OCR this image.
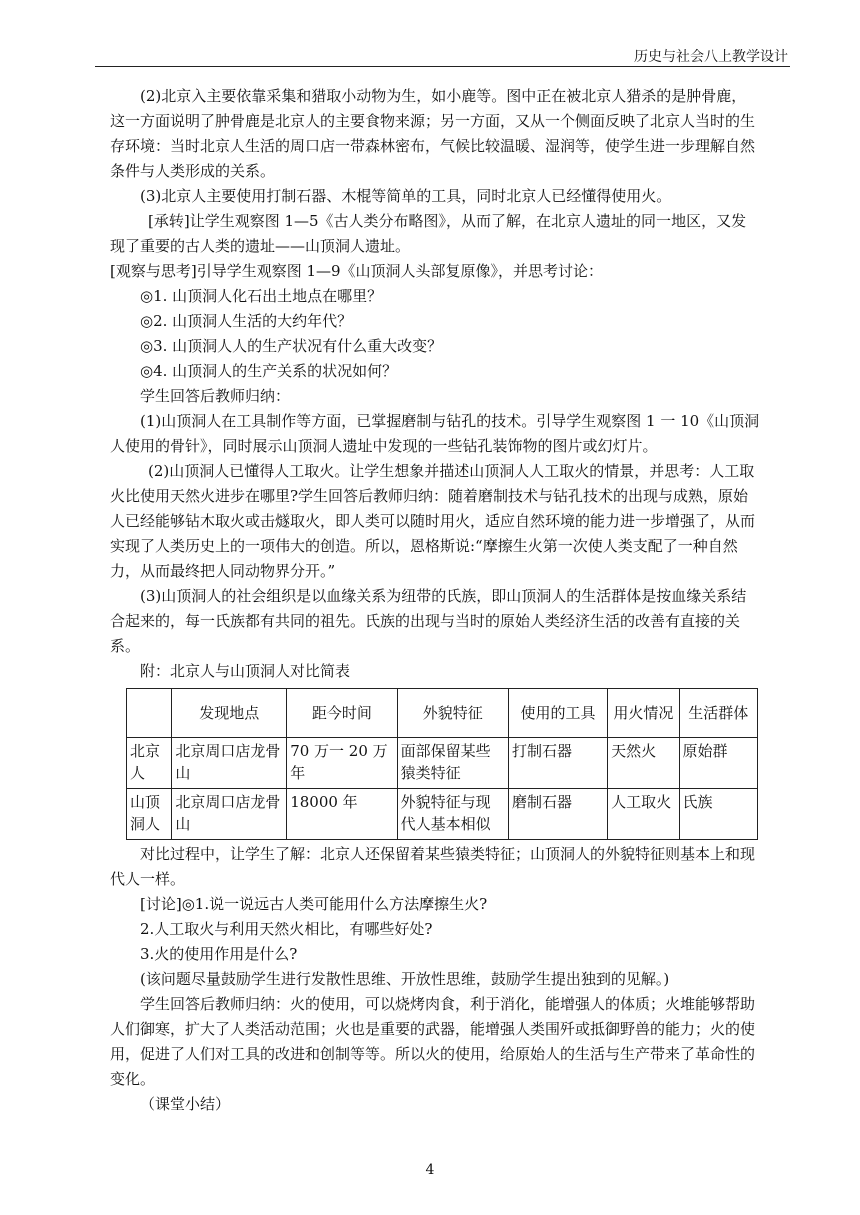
历史与社会八上教学设计

(2)北京入主要依靠采集和猎取小动物为生，如小鹿等。图中正在被北京人猎杀的是肿骨鹿，这一方面说明了肿骨鹿是北京人的主要食物来源；另一方面，又从一个侧面反映了北京人当时的生存环境：当时北京人生活的周口店一带森林密布，气候比较温暖、湿润等，使学生进一步理解自然条件与人类形成的关系。

(3)北京人主要使用打制石器、木棍等简单的工具，同时北京人已经懂得使用火。

[承转]让学生观察图 1—5《古人类分布略图》，从而了解，在北京人遗址的同一地区，又发现了重要的古人类的遗址——山顶洞人遗址。

[观察与思考]引导学生观察图 1—9《山顶洞人头部复原像》，并思考讨论：

◎1. 山顶洞人化石出土地点在哪里？

◎2. 山顶洞人生活的大约年代？

◎3. 山顶洞人人的生产状况有什么重大改变？

◎4. 山顶洞人的生产关系的状况如何？

学生回答后教师归纳：

(1)山顶洞人在工具制作等方面，已掌握磨制与钻孔的技术。引导学生观察图 1 一 10《山顶洞人使用的骨针》，同时展示山顶洞人遗址中发现的一些钻孔装饰物的图片或幻灯片。

(2)山顶洞人已懂得人工取火。让学生想象并描述山顶洞人人工取火的情景，并思考：人工取火比使用天然火进步在哪里?学生回答后教师归纳：随着磨制技术与钻孔技术的出现与成熟，原始人已经能够钻木取火或击燧取火，即人类可以随时用火，适应自然环境的能力进一步增强了，从而实现了人类历史上的一项伟大的创造。所以，恩格斯说:“摩擦生火第一次使人类支配了一种自然力，从而最终把人同动物界分开。”

(3)山顶洞人的社会组织是以血缘关系为纽带的氏族，即山顶洞人的生活群体是按血缘关系结合起来的，每一氏族都有共同的祖先。氏族的出现与当时的原始人类经济生活的改善有直接的关系。

附：北京人与山顶洞人对比简表

	发现地点	距今时间	外貌特征	使用的工具	用火情况	生活群体
北京人	北京周口店龙骨山	70 万一 20 万年	面部保留某些猿类特征	打制石器	天然火	原始群
山顶洞人	北京周口店龙骨山	18000 年	外貌特征与现代人基本相似	磨制石器	人工取火	氏族

对比过程中，让学生了解：北京人还保留着某些猿类特征；山顶洞人的外貌特征则基本上和现代人一样。

[讨论]◎1.说一说远古人类可能用什么方法摩擦生火?

2.人工取火与利用天然火相比，有哪些好处?

3.火的使用作用是什么?

(该问题尽量鼓励学生进行发散性思维、开放性思维，鼓励学生提出独到的见解。)

学生回答后教师归纳：火的使用，可以烧烤肉食，利于消化，能增强人的体质；火堆能够帮助人们御寒，扩大了人类活动范围；火也是重要的武器，能增强人类围歼或抵御野兽的能力；火的使用，促进了人们对工具的改进和创制等等。所以火的使用，给原始人的生活与生产带来了革命性的变化。

（课堂小结）

4
